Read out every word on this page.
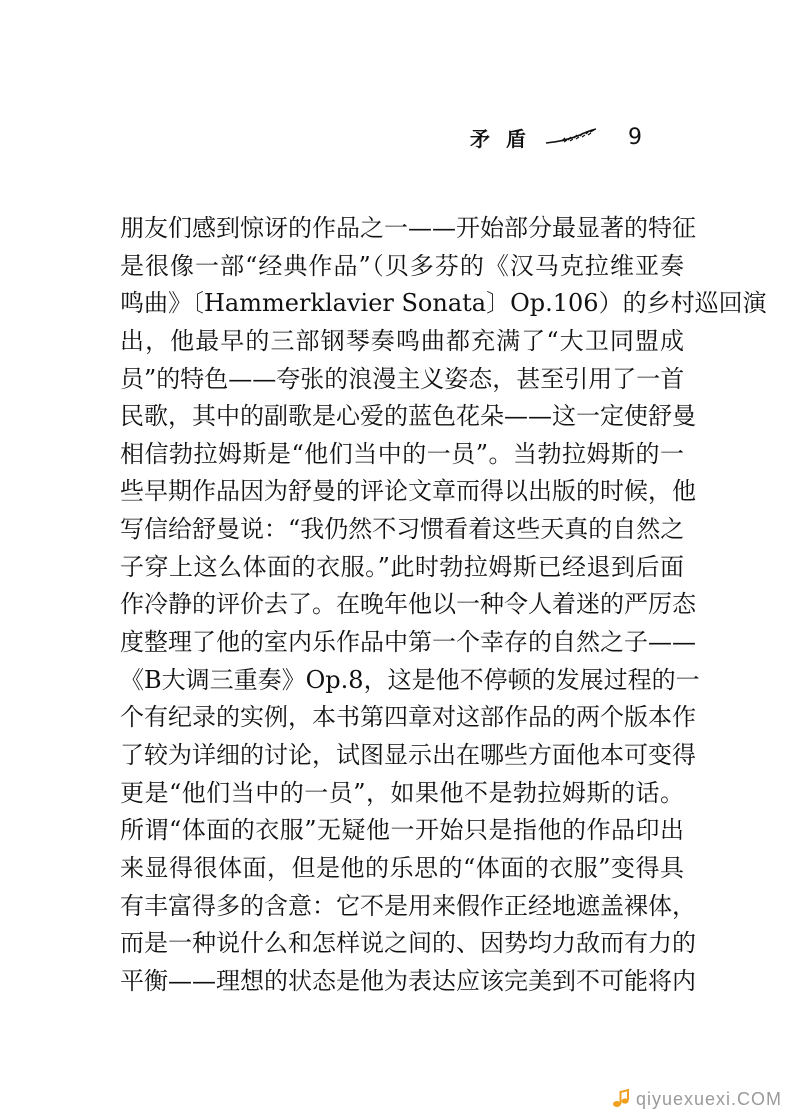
矛盾	9
朋友们感到惊讶的作品之一——开始部分最显著的特征
是很像一部“经典作品”（贝多芬的《汉马克拉维亚奏
鸣曲》〔Hammerklavier Sonata〕Op.106）的乡村巡回演
出，他最早的三部钢琴奏鸣曲都充满了“大卫同盟成
员”的特色——夸张的浪漫主义姿态，甚至引用了一首
民歌，其中的副歌是心爱的蓝色花朵——这一定使舒曼
相信勃拉姆斯是“他们当中的一员”。当勃拉姆斯的一
些早期作品因为舒曼的评论文章而得以出版的时候，他
写信给舒曼说：“我仍然不习惯看着这些天真的自然之
子穿上这么体面的衣服。”此时勃拉姆斯已经退到后面
作冷静的评价去了。在晚年他以一种令人着迷的严厉态
度整理了他的室内乐作品中第一个幸存的自然之子——
《B大调三重奏》Op.8，这是他不停顿的发展过程的一
个有纪录的实例，本书第四章对这部作品的两个版本作
了较为详细的讨论，试图显示出在哪些方面他本可变得
更是“他们当中的一员”，如果他不是勃拉姆斯的话。
所谓“体面的衣服”无疑他一开始只是指他的作品印出
来显得很体面，但是他的乐思的“体面的衣服”变得具
有丰富得多的含意：它不是用来假作正经地遮盖裸体，
而是一种说什么和怎样说之间的、因势均力敌而有力的
平衡——理想的状态是他为表达应该完美到不可能将内
qiyuexuexi.COM
